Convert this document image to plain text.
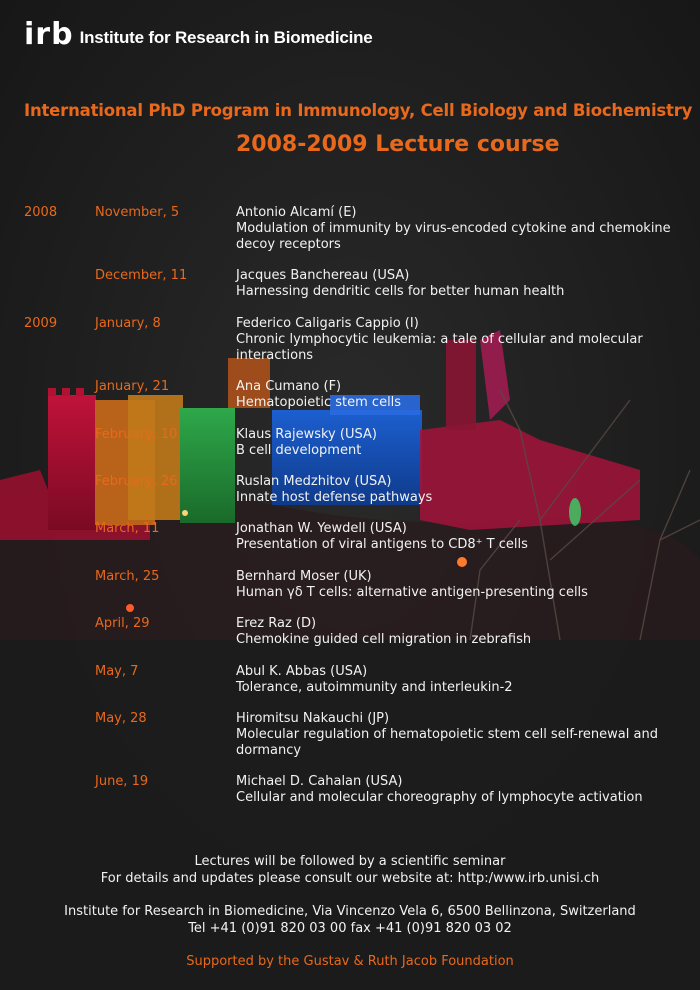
irb Institute for Research in Biomedicine
International PhD Program in Immunology, Cell Biology and Biochemistry
2008-2009 Lecture course
2008	November, 5	Antonio Alcamí (E)
Modulation of immunity by virus-encoded cytokine and chemokine decoy receptors
December, 11	Jacques Banchereau (USA)
Harnessing dendritic cells for better human health
2009	January, 8	Federico Caligaris Cappio (I)
Chronic lymphocytic leukemia: a tale of cellular and molecular interactions
January, 21	Ana Cumano (F)
Hematopoietic stem cells
February, 10	Klaus Rajewsky (USA)
B cell development
February, 26	Ruslan Medzhitov (USA)
Innate host defense pathways
March, 11	Jonathan W. Yewdell (USA)
Presentation of viral antigens to CD8⁺ T cells
March, 25	Bernhard Moser (UK)
Human γδ T cells: alternative antigen-presenting cells
April, 29	Erez Raz (D)
Chemokine guided cell migration in zebrafish
May, 7	Abul K. Abbas (USA)
Tolerance, autoimmunity and interleukin-2
May, 28	Hiromitsu Nakauchi (JP)
Molecular regulation of hematopoietic stem cell self-renewal and dormancy
June, 19	Michael D. Cahalan (USA)
Cellular and molecular choreography of lymphocyte activation
Lectures will be followed by a scientific seminar
For details and updates please consult our website at: http:/www.irb.unisi.ch
Institute for Research in Biomedicine, Via Vincenzo Vela 6, 6500 Bellinzona, Switzerland
Tel +41 (0)91 820 03 00 fax +41 (0)91 820 03 02
Supported by the Gustav & Ruth Jacob Foundation
